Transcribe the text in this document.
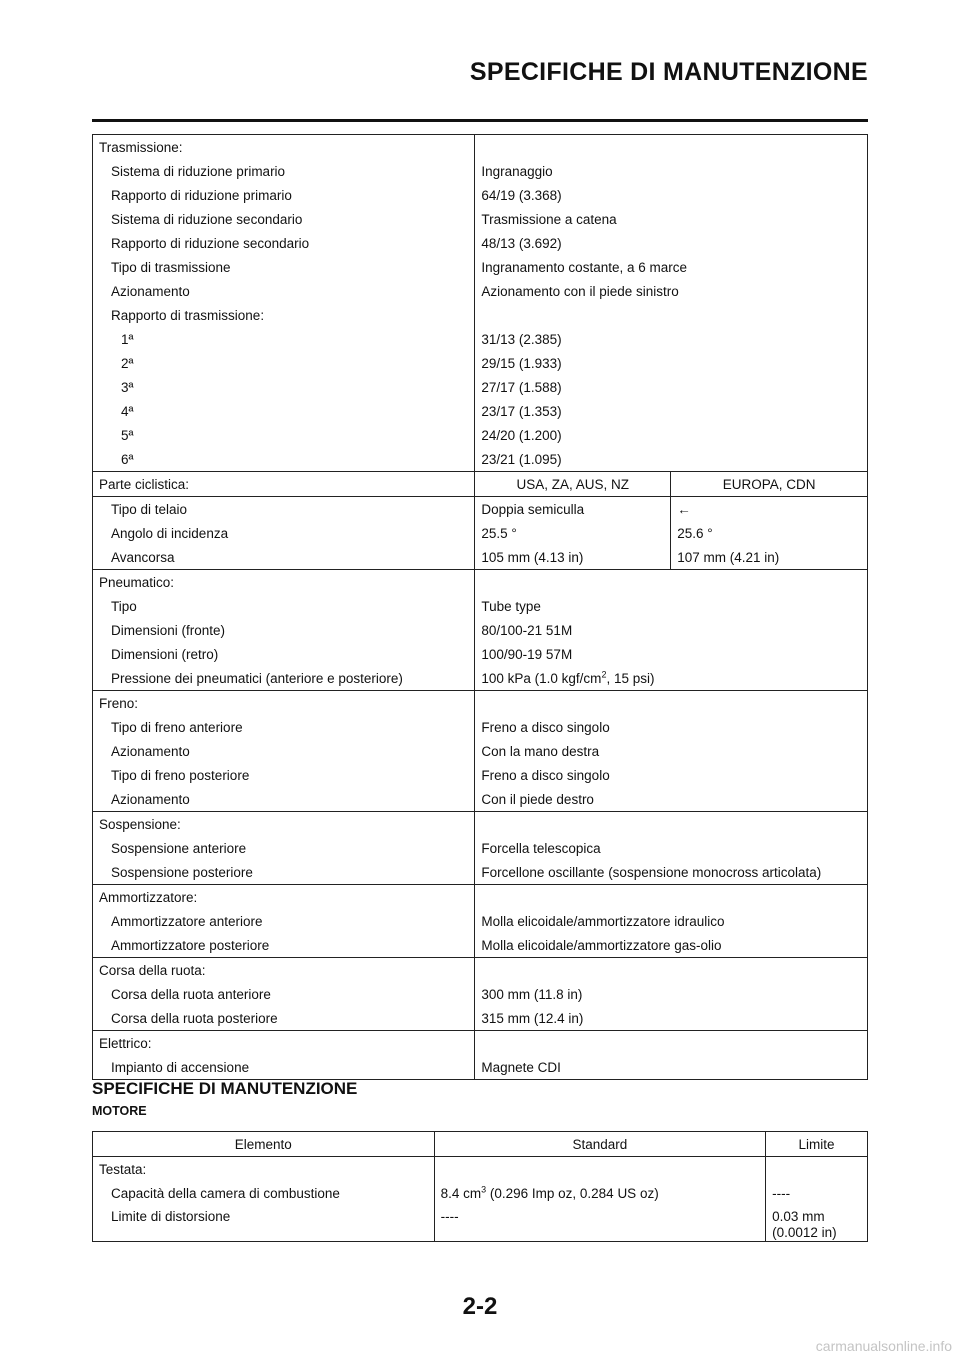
SPECIFICHE DI MANUTENZIONE
Trasmissione:		
Sistema di riduzione primario	Ingranaggio	
Rapporto di riduzione primario	64/19 (3.368)	
Sistema di riduzione secondario	Trasmissione a catena	
Rapporto di riduzione secondario	48/13 (3.692)	
Tipo di trasmissione	Ingranamento costante, a 6 marce	
Azionamento	Azionamento con il piede sinistro	
Rapporto di trasmissione:		
1ª	31/13 (2.385)	
2ª	29/15 (1.933)	
3ª	27/17 (1.588)	
4ª	23/17 (1.353)	
5ª	24/20 (1.200)	
6ª	23/21 (1.095)	
Parte ciclistica:	USA, ZA, AUS, NZ	EUROPA, CDN
Tipo di telaio	Doppia semiculla	←
Angolo di incidenza	25.5 °	25.6 °
Avancorsa	105 mm (4.13 in)	107 mm (4.21 in)
Pneumatico:		
Tipo	Tube type	
Dimensioni (fronte)	80/100-21 51M	
Dimensioni (retro)	100/90-19 57M	
Pressione dei pneumatici (anteriore e posteriore)	100 kPa (1.0 kgf/$cm^2$, 15 psi)	
Freno:		
Tipo di freno anteriore	Freno a disco singolo	
Azionamento	Con la mano destra	
Tipo di freno posteriore	Freno a disco singolo	
Azionamento	Con il piede destro	
Sospensione:		
Sospensione anteriore	Forcella telescopica	
Sospensione posteriore	Forcellone oscillante (sospensione monocross articolata)	
Ammortizzatore:		
Ammortizzatore anteriore	Molla elicoidale/ammortizzatore idraulico	
Ammortizzatore posteriore	Molla elicoidale/ammortizzatore gas-olio	
Corsa della ruota:		
Corsa della ruota anteriore	300 mm (11.8 in)	
Corsa della ruota posteriore	315 mm (12.4 in)	
Elettrico:		
Impianto di accensione	Magnete CDI	
SPECIFICHE DI MANUTENZIONE
MOTORE
Elemento	Standard	Limite
Testata:		
Capacità della camera di combustione	8.4 $cm^3$ (0.296 Imp oz, 0.284 US oz)	----
Limite di distorsione	----	0.03 mm
(0.0012 in)
2-2
carmanualsonline.info
